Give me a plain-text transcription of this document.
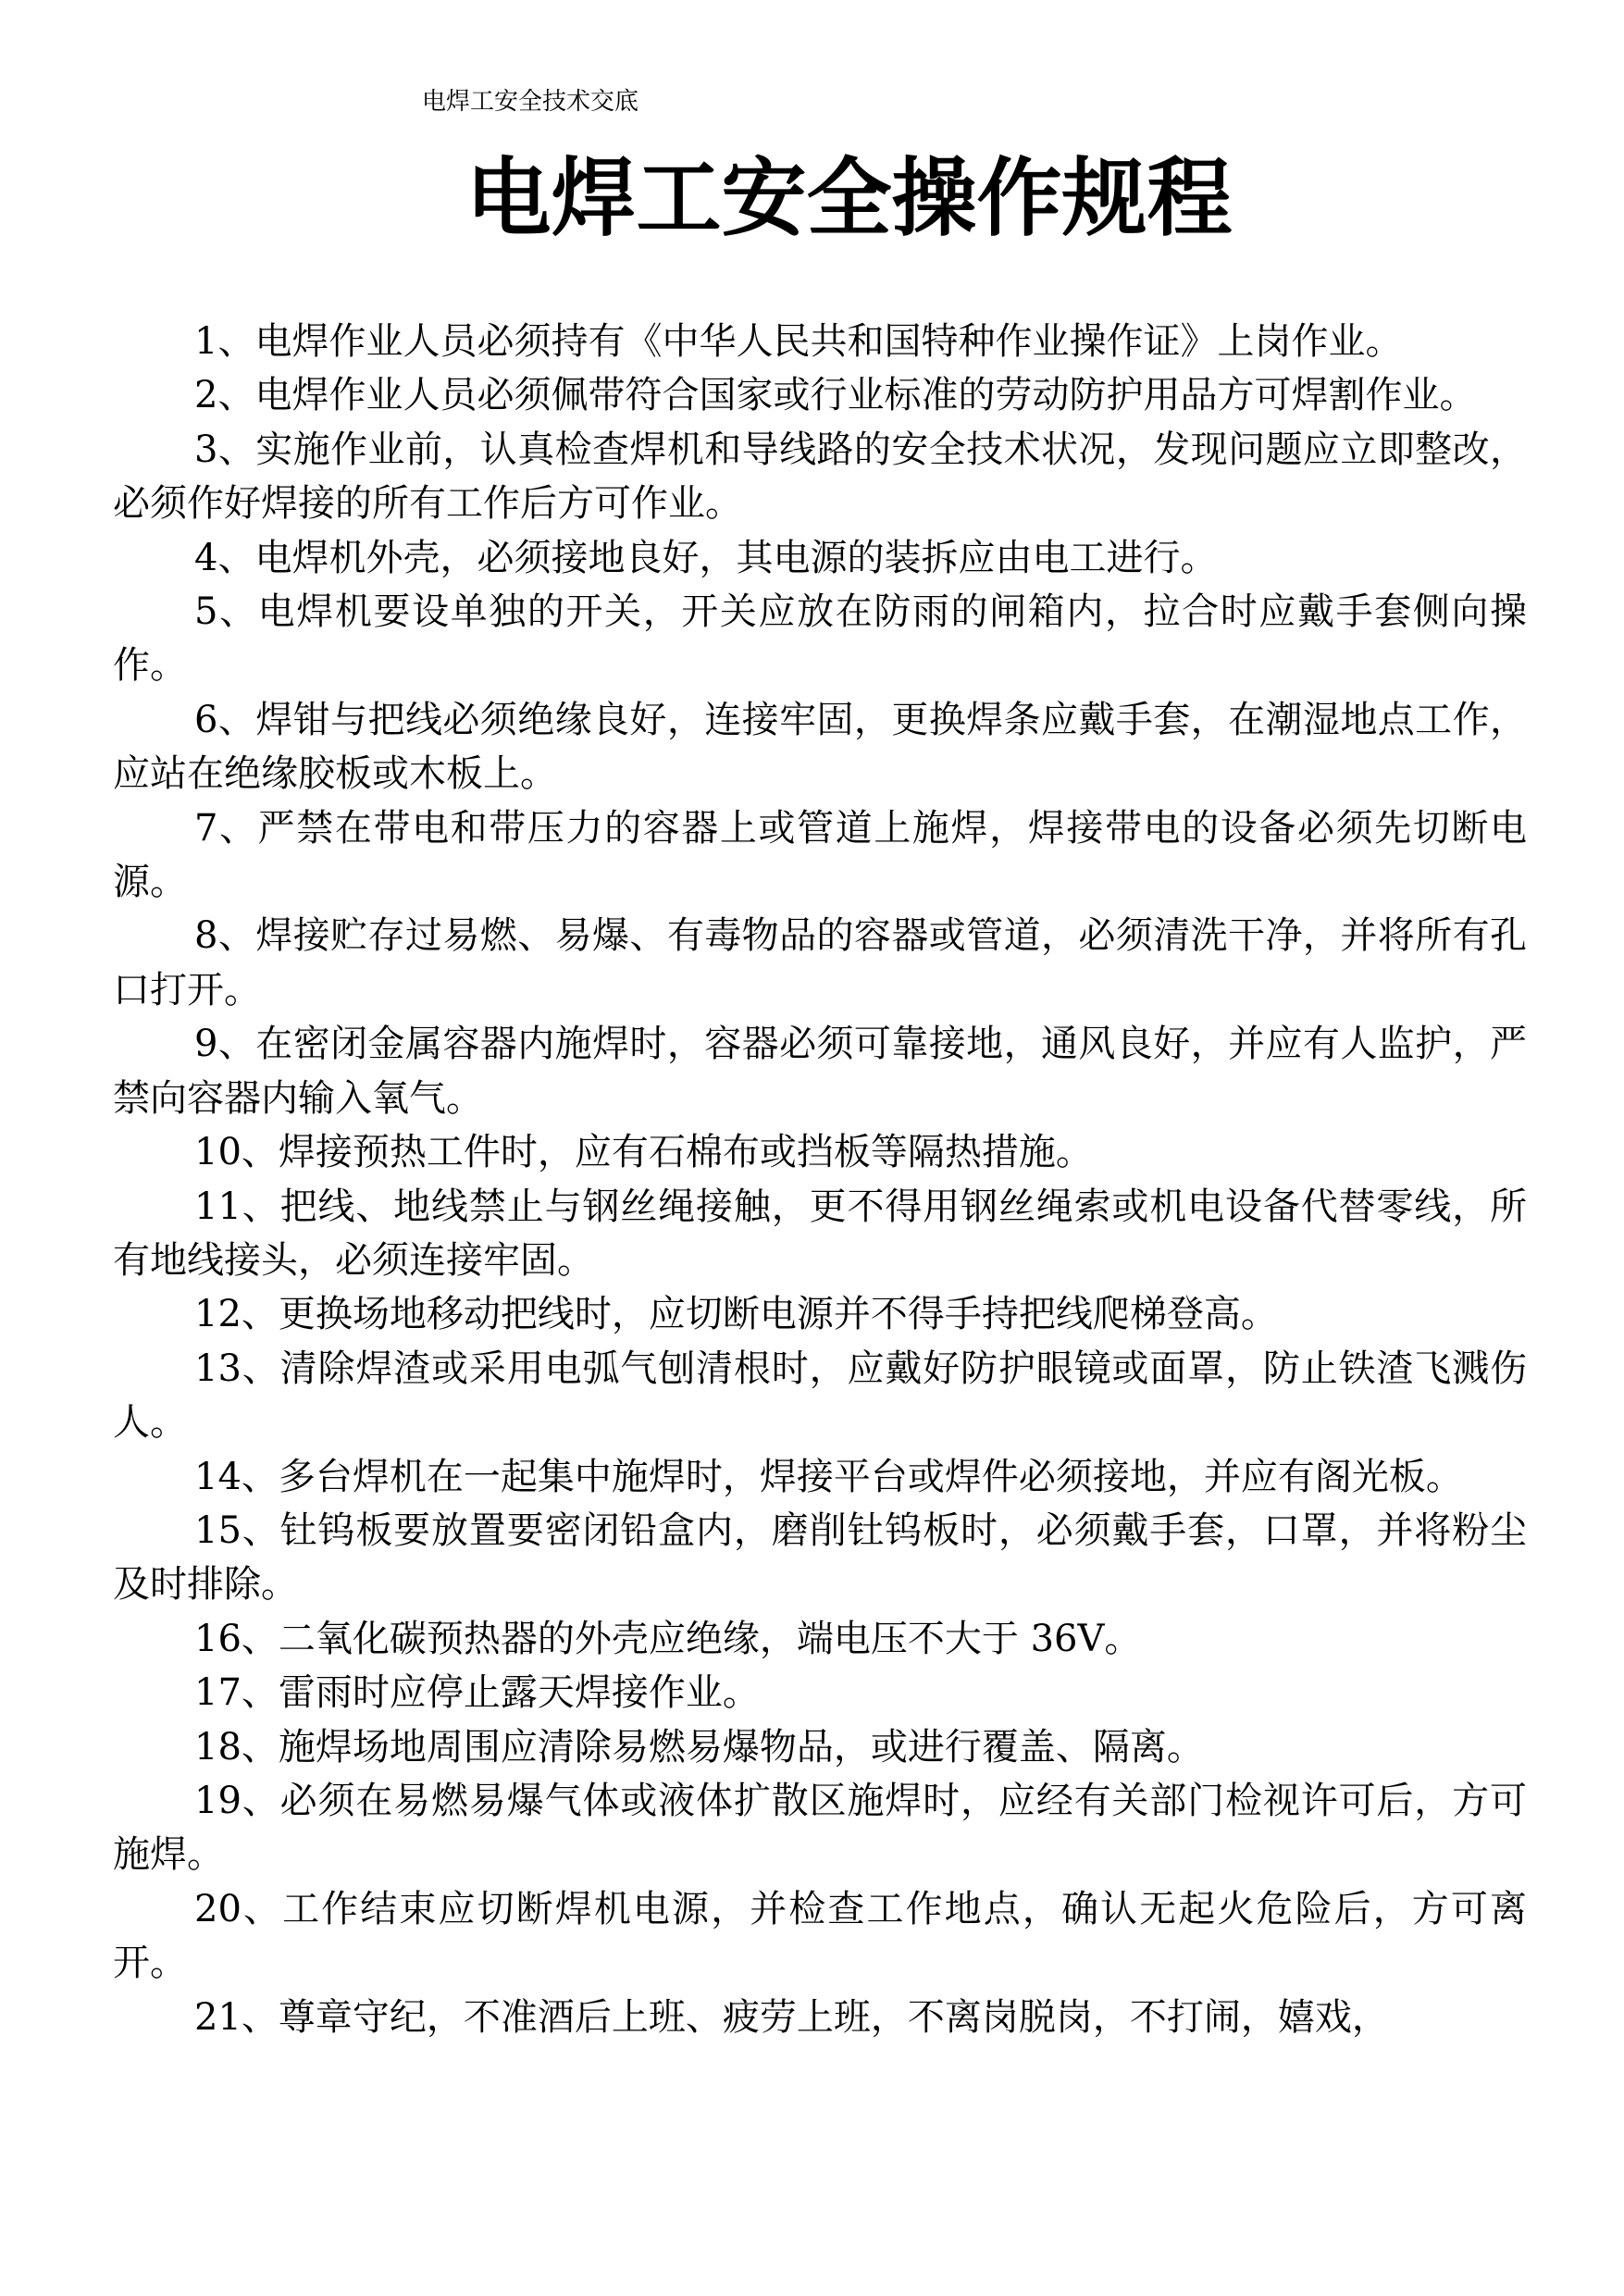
电焊工安全技术交底
电焊工安全操作规程
1、电焊作业人员必须持有《中华人民共和国特种作业操作证》上岗作业。
2、电焊作业人员必须佩带符合国家或行业标准的劳动防护用品方可焊割作业。
3、实施作业前，认真检查焊机和导线路的安全技术状况，发现问题应立即整改，必须作好焊接的所有工作后方可作业。
4、电焊机外壳，必须接地良好，其电源的装拆应由电工进行。
5、电焊机要设单独的开关，开关应放在防雨的闸箱内，拉合时应戴手套侧向操作。
6、焊钳与把线必须绝缘良好，连接牢固，更换焊条应戴手套，在潮湿地点工作，应站在绝缘胶板或木板上。
7、严禁在带电和带压力的容器上或管道上施焊，焊接带电的设备必须先切断电源。
8、焊接贮存过易燃、易爆、有毒物品的容器或管道，必须清洗干净，并将所有孔口打开。
9、在密闭金属容器内施焊时，容器必须可靠接地，通风良好，并应有人监护，严禁向容器内输入氧气。
10、焊接预热工件时，应有石棉布或挡板等隔热措施。
11、把线、地线禁止与钢丝绳接触，更不得用钢丝绳索或机电设备代替零线，所有地线接头，必须连接牢固。
12、更换场地移动把线时，应切断电源并不得手持把线爬梯登高。
13、清除焊渣或采用电弧气刨清根时，应戴好防护眼镜或面罩，防止铁渣飞溅伤人。
14、多台焊机在一起集中施焊时，焊接平台或焊件必须接地，并应有阁光板。
15、钍钨板要放置要密闭铅盒内，磨削钍钨板时，必须戴手套，口罩，并将粉尘及时排除。
16、二氧化碳预热器的外壳应绝缘，端电压不大于 36V。
17、雷雨时应停止露天焊接作业。
18、施焊场地周围应清除易燃易爆物品，或进行覆盖、隔离。
19、必须在易燃易爆气体或液体扩散区施焊时，应经有关部门检视许可后，方可施焊。
20、工作结束应切断焊机电源，并检查工作地点，确认无起火危险后，方可离开。
21、尊章守纪，不准酒后上班、疲劳上班，不离岗脱岗，不打闹，嬉戏，
